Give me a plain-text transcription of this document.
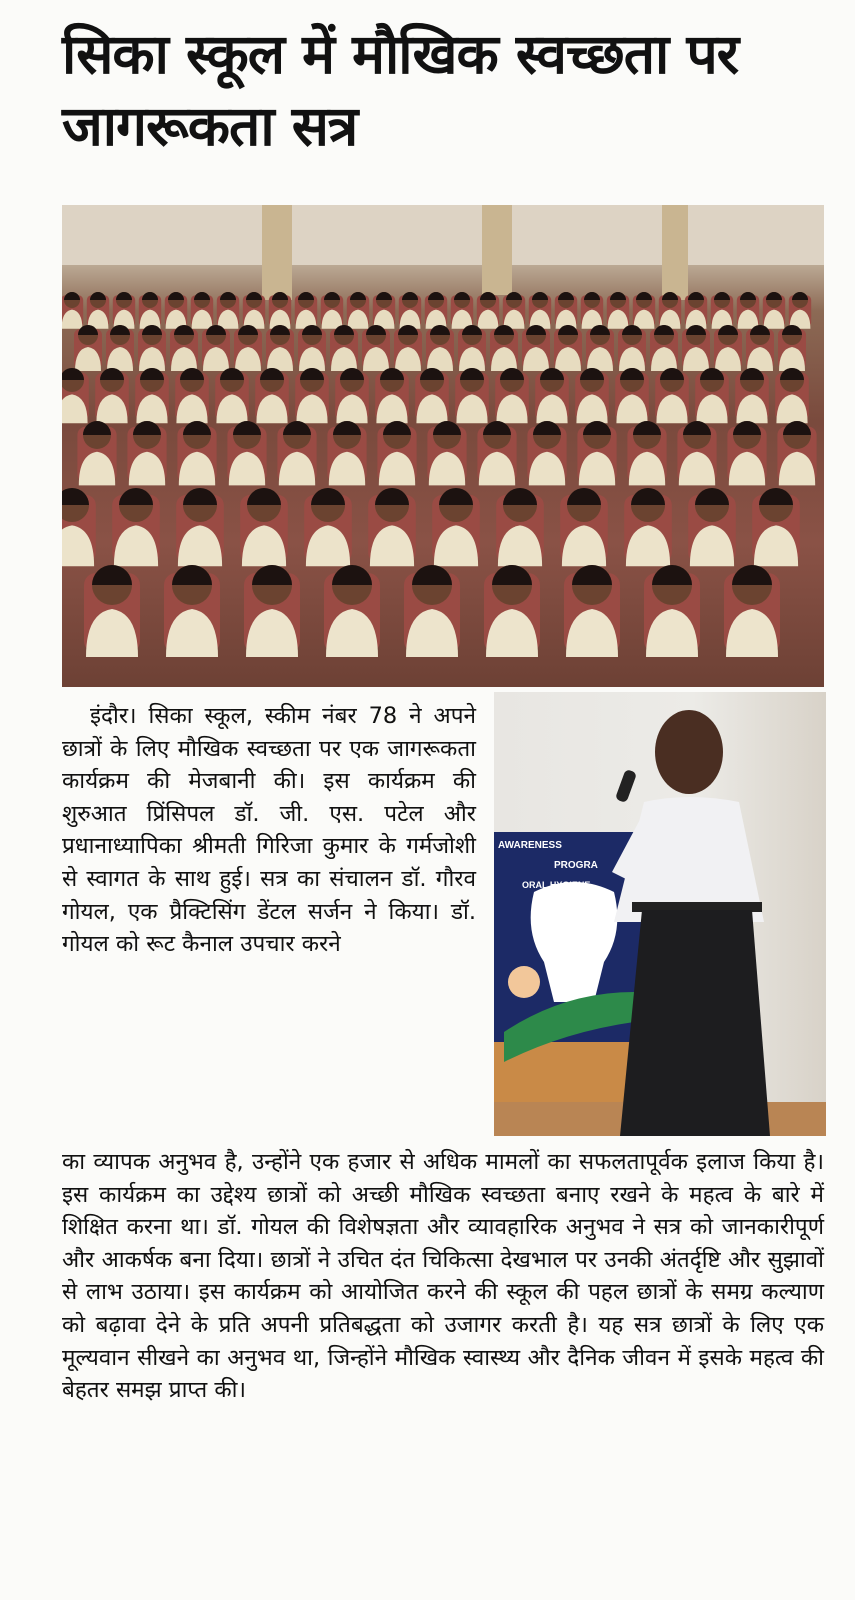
सिका स्कूल में मौखिक स्वच्छता पर जागरूकता सत्र
AWARENESS
PROGRA
ORAL HYGIENE

इंदौर। सिका स्कूल, स्कीम नंबर 78 ने अपने छात्रों के लिए मौखिक स्वच्छता पर एक जागरूकता कार्यक्रम की मेजबानी की। इस कार्यक्रम की शुरुआत प्रिंसिपल डॉ. जी. एस. पटेल और प्रधानाध्यापिका श्रीमती गिरिजा कुमार के गर्मजोशी से स्वागत के साथ हुई। सत्र का संचालन डॉ. गौरव गोयल, एक प्रैक्टिसिंग डेंटल सर्जन ने किया। डॉ. गोयल को रूट कैनाल उपचार करने

का व्यापक अनुभव है, उन्होंने एक हजार से अधिक मामलों का सफलतापूर्वक इलाज किया है। इस कार्यक्रम का उद्देश्य छात्रों को अच्छी मौखिक स्वच्छता बनाए रखने के महत्व के बारे में शिक्षित करना था। डॉ. गोयल की विशेषज्ञता और व्यावहारिक अनुभव ने सत्र को जानकारीपूर्ण और आकर्षक बना दिया। छात्रों ने उचित दंत चिकित्सा देखभाल पर उनकी अंतर्दृष्टि और सुझावों से लाभ उठाया। इस कार्यक्रम को आयोजित करने की स्कूल की पहल छात्रों के समग्र कल्याण को बढ़ावा देने के प्रति अपनी प्रतिबद्धता को उजागर करती है। यह सत्र छात्रों के लिए एक मूल्यवान सीखने का अनुभव था, जिन्होंने मौखिक स्वास्थ्य और दैनिक जीवन में इसके महत्व की बेहतर समझ प्राप्त की।
